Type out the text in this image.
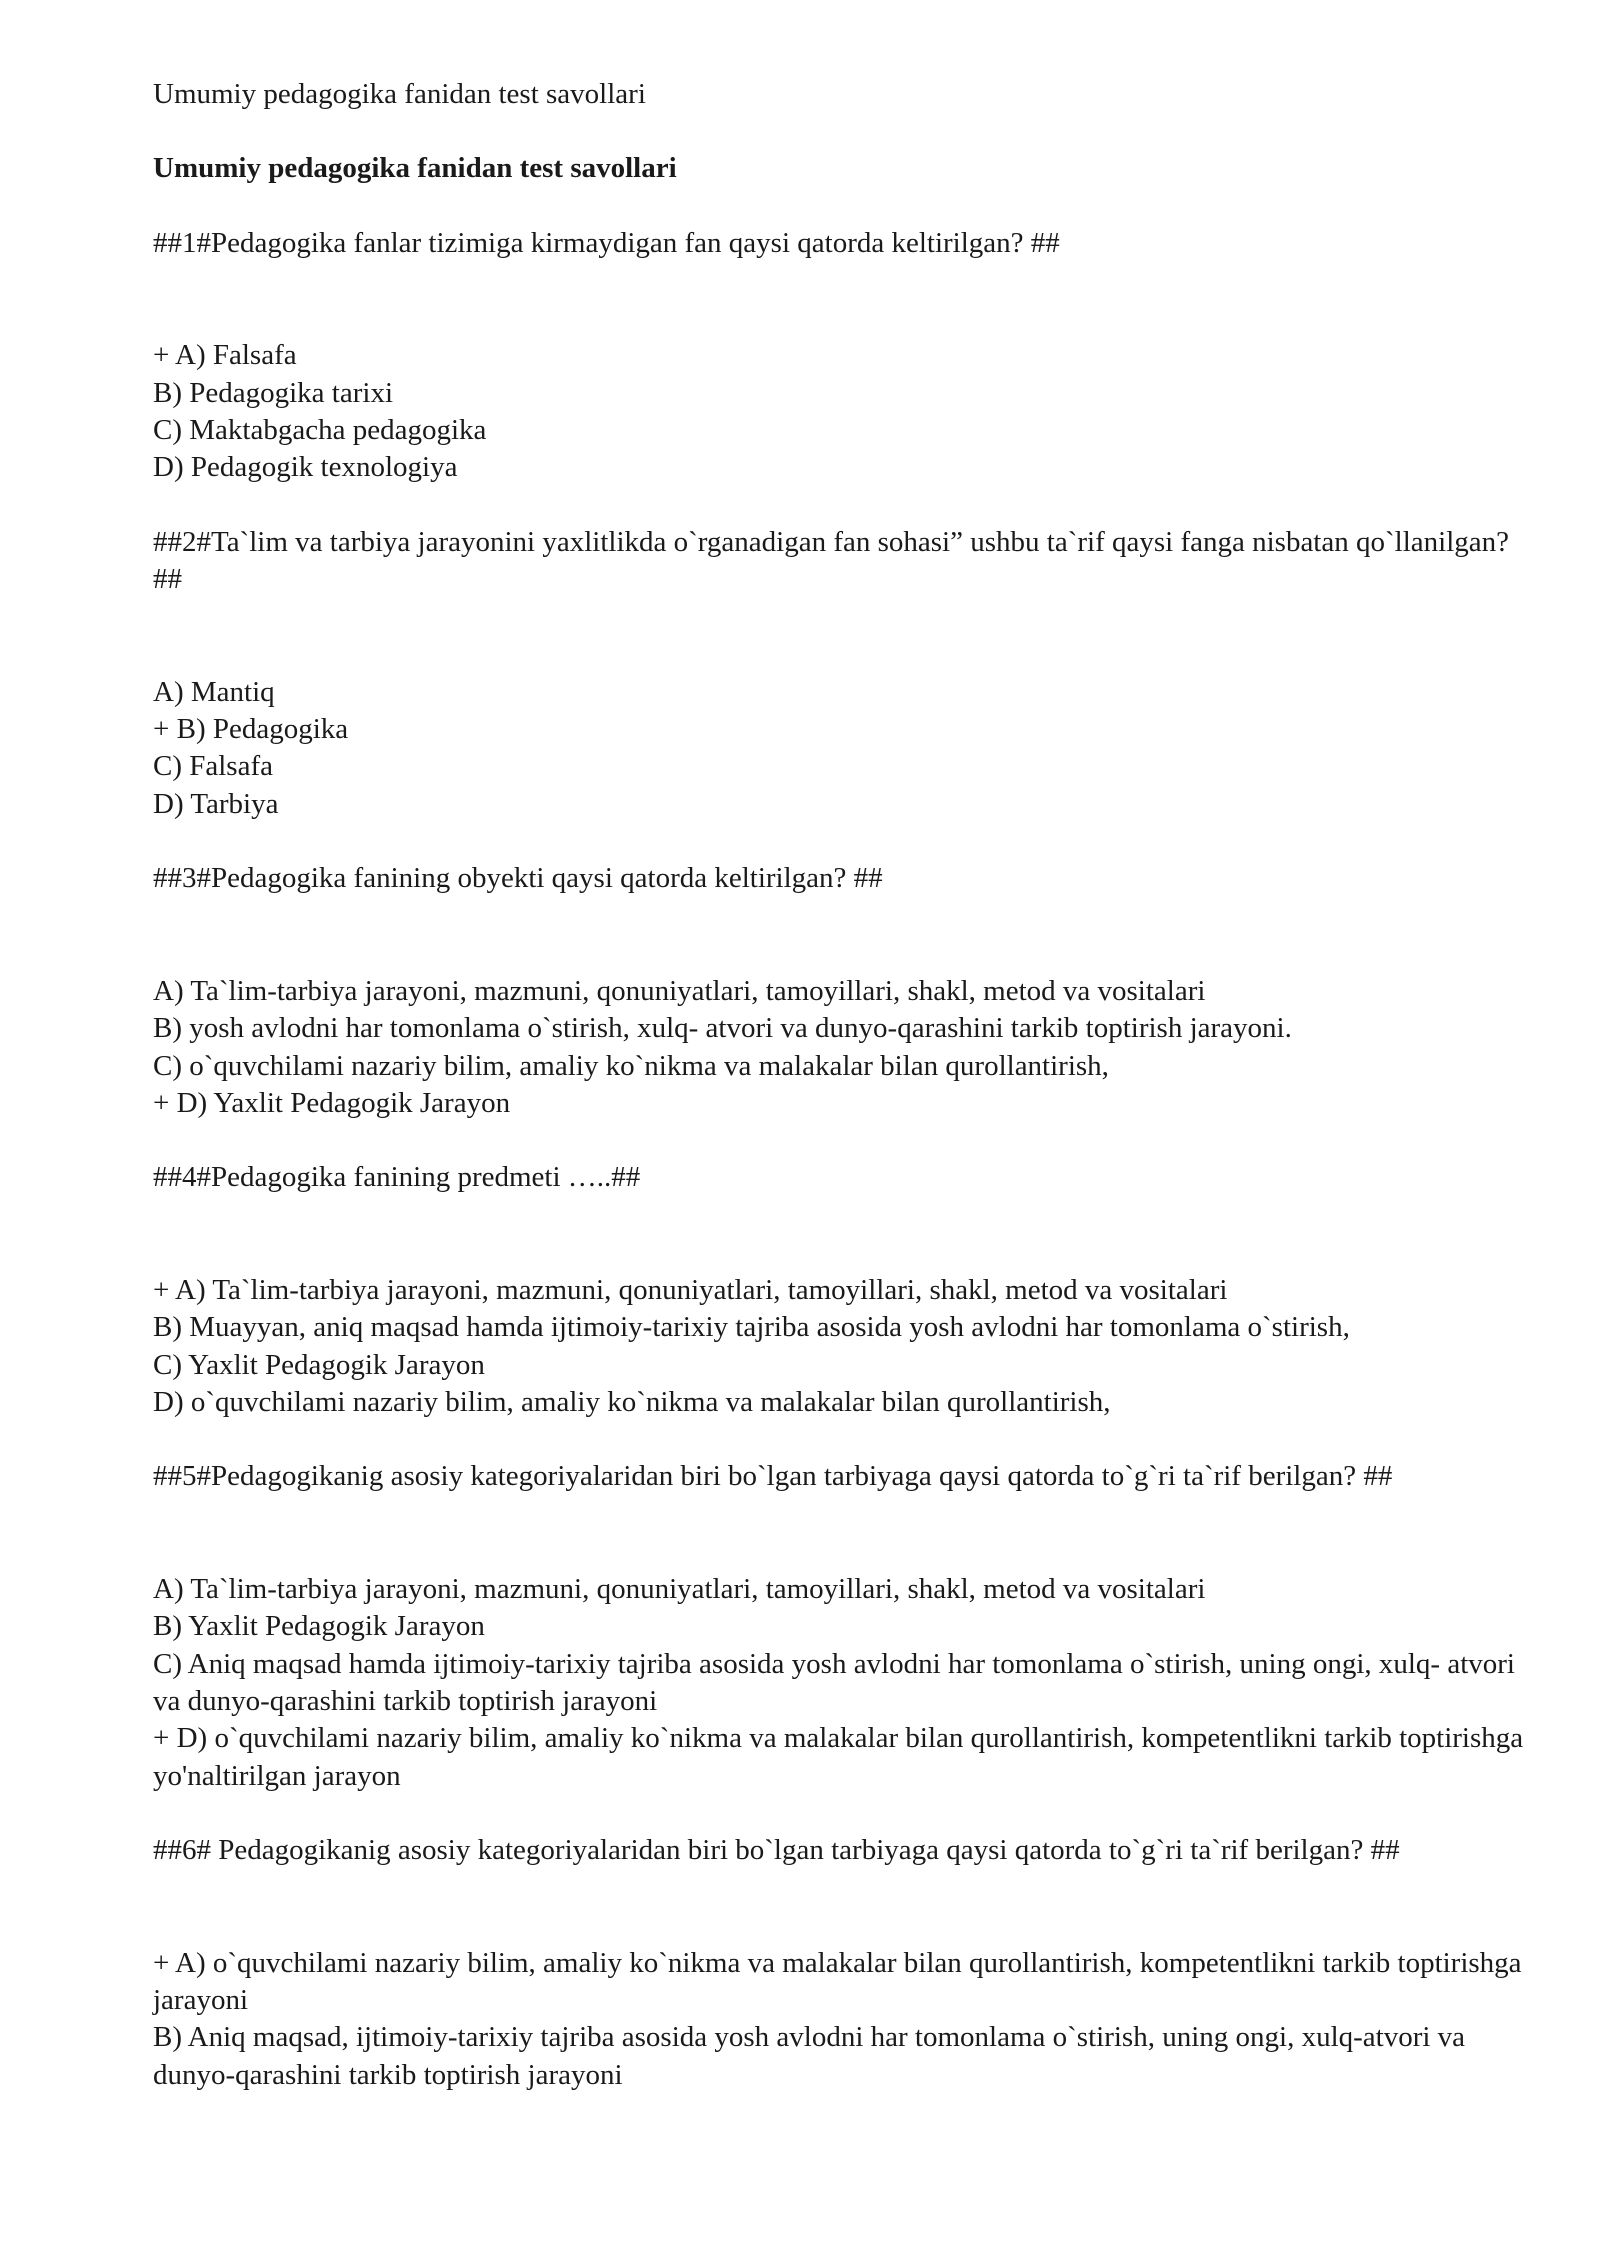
Umumiy pedagogika fanidan test savollari

Umumiy pedagogika fanidan test savollari

##1#Pedagogika fanlar tizimiga kirmaydigan fan qaysi qatorda keltirilgan? ##

+ A) Falsafa

B) Pedagogika tarixi

C) Maktabgacha pedagogika

D) Pedagogik texnologiya

##2#Ta`lim va tarbiya jarayonini yaxlitlikda o`rganadigan fan sohasi” ushbu ta`rif qaysi fanga nisbatan qo`llanilgan? ##

A) Mantiq

+ B) Pedagogika

C) Falsafa

D) Tarbiya

##3#Pedagogika fanining obyekti qaysi qatorda keltirilgan? ##

A) Ta`lim-tarbiya jarayoni, mazmuni, qonuniyatlari, tamoyillari, shakl, metod va vositalari

B) yosh avlodni har tomonlama o`stirish, xulq- atvori va dunyo-qarashini tarkib toptirish jarayoni.

C) o`quvchilami nazariy bilim, amaliy ko`nikma va malakalar bilan qurollantirish,

+ D) Yaxlit Pedagogik Jarayon

##4#Pedagogika fanining predmeti …..##

+ A) Ta`lim-tarbiya jarayoni, mazmuni, qonuniyatlari, tamoyillari, shakl, metod va vositalari

B) Muayyan, aniq maqsad hamda ijtimoiy-tarixiy tajriba asosida yosh avlodni har tomonlama o`stirish,

C) Yaxlit Pedagogik Jarayon

D) o`quvchilami nazariy bilim, amaliy ko`nikma va malakalar bilan qurollantirish,

##5#Pedagogikanig asosiy kategoriyalaridan biri bo`lgan tarbiyaga qaysi qatorda to`g`ri ta`rif berilgan? ##

A) Ta`lim-tarbiya jarayoni, mazmuni, qonuniyatlari, tamoyillari, shakl, metod va vositalari

B) Yaxlit Pedagogik Jarayon

C) Aniq maqsad hamda ijtimoiy-tarixiy tajriba asosida yosh avlodni har tomonlama o`stirish, uning ongi, xulq- atvori va dunyo-qarashini tarkib toptirish jarayoni

+ D) o`quvchilami nazariy bilim, amaliy ko`nikma va malakalar bilan qurollantirish, kompetentlikni tarkib toptirishga yo'naltirilgan jarayon

##6# Pedagogikanig asosiy kategoriyalaridan biri bo`lgan tarbiyaga qaysi qatorda to`g`ri ta`rif berilgan? ##

+ A) o`quvchilami nazariy bilim, amaliy ko`nikma va malakalar bilan qurollantirish, kompetentlikni tarkib toptirishga jarayoni

B) Aniq maqsad, ijtimoiy-tarixiy tajriba asosida yosh avlodni har tomonlama o`stirish, uning ongi, xulq-atvori va dunyo-qarashini tarkib toptirish jarayoni
